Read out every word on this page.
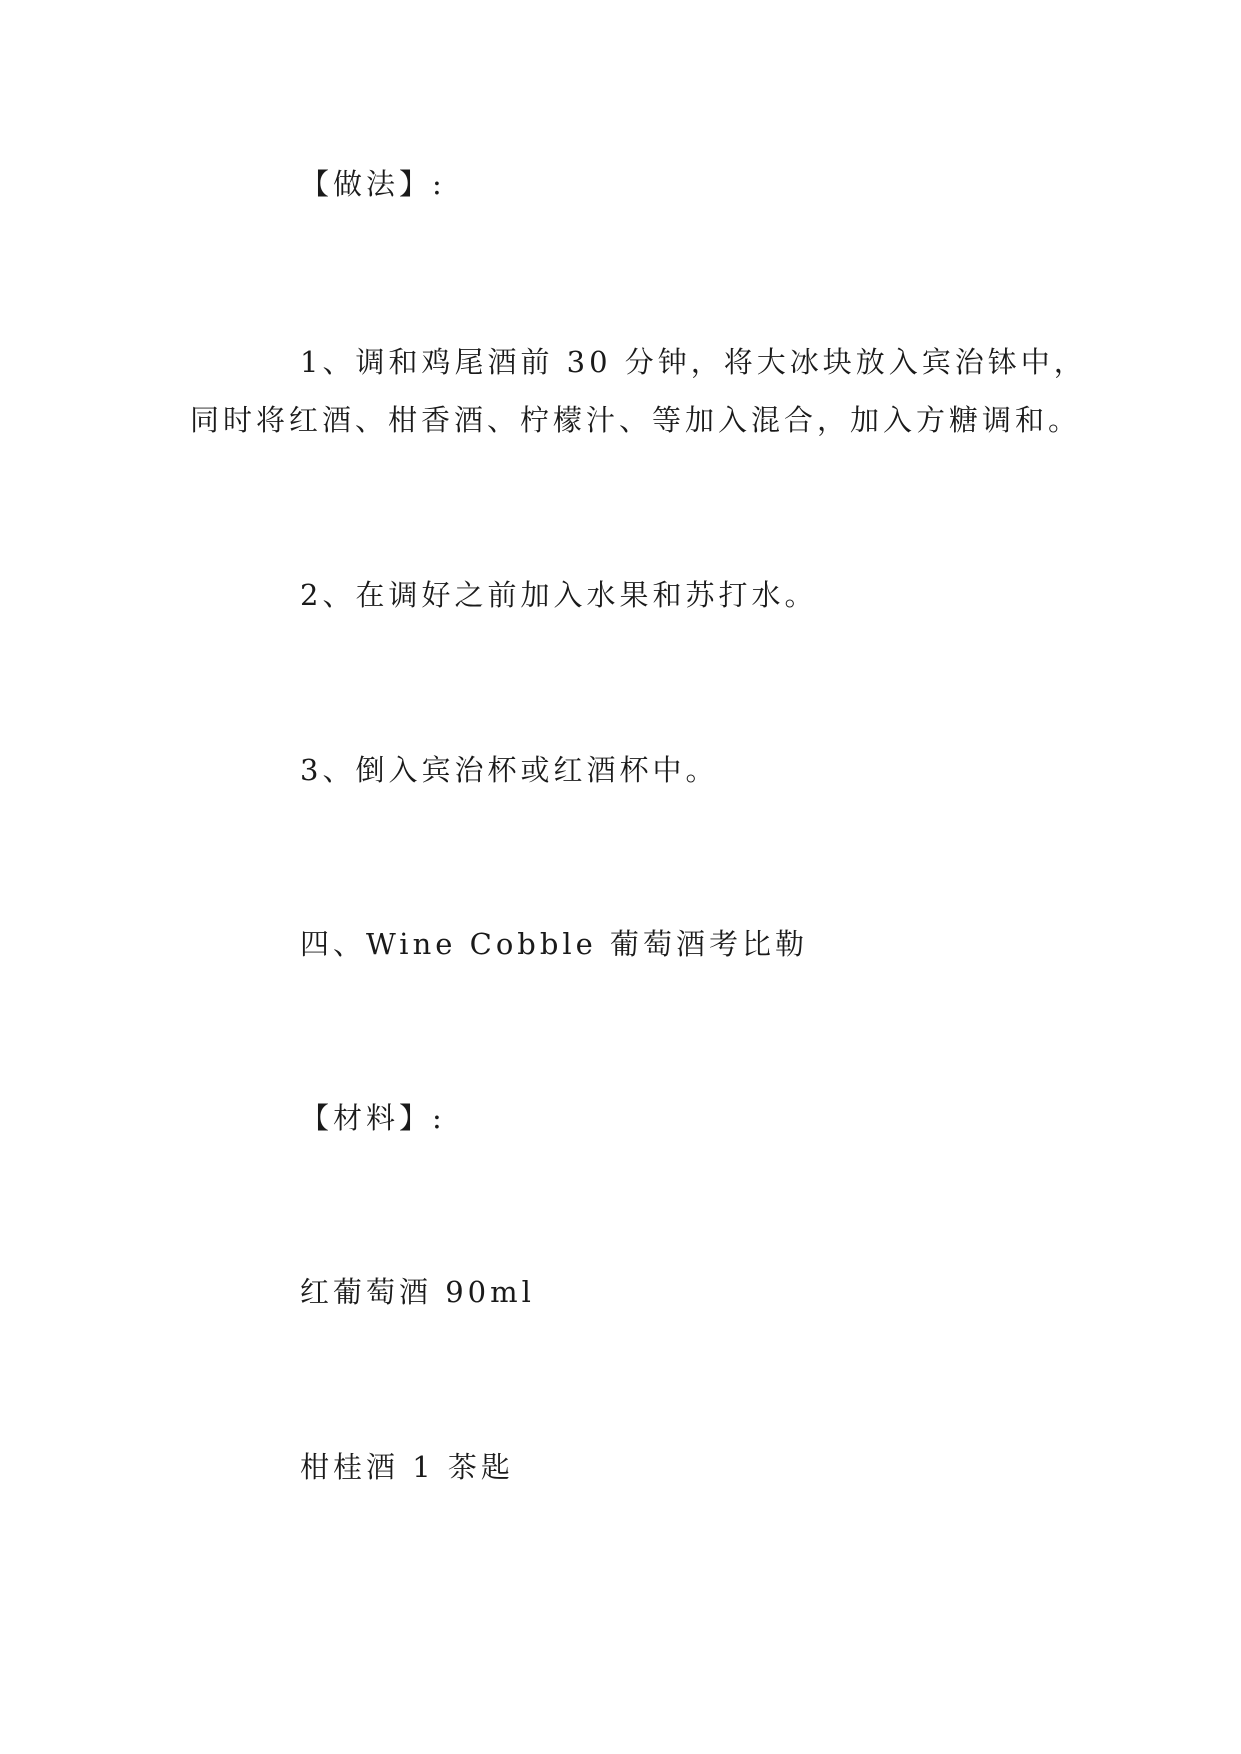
【做法】:
1、调和鸡尾酒前 30 分钟，将大冰块放入宾治钵中，
同时将红酒、柑香酒、柠檬汁、等加入混合，加入方糖调和。
2、在调好之前加入水果和苏打水。
3、倒入宾治杯或红酒杯中。
四、Wine Cobble 葡萄酒考比勒
【材料】:
红葡萄酒 90ml
柑桂酒 1 茶匙
